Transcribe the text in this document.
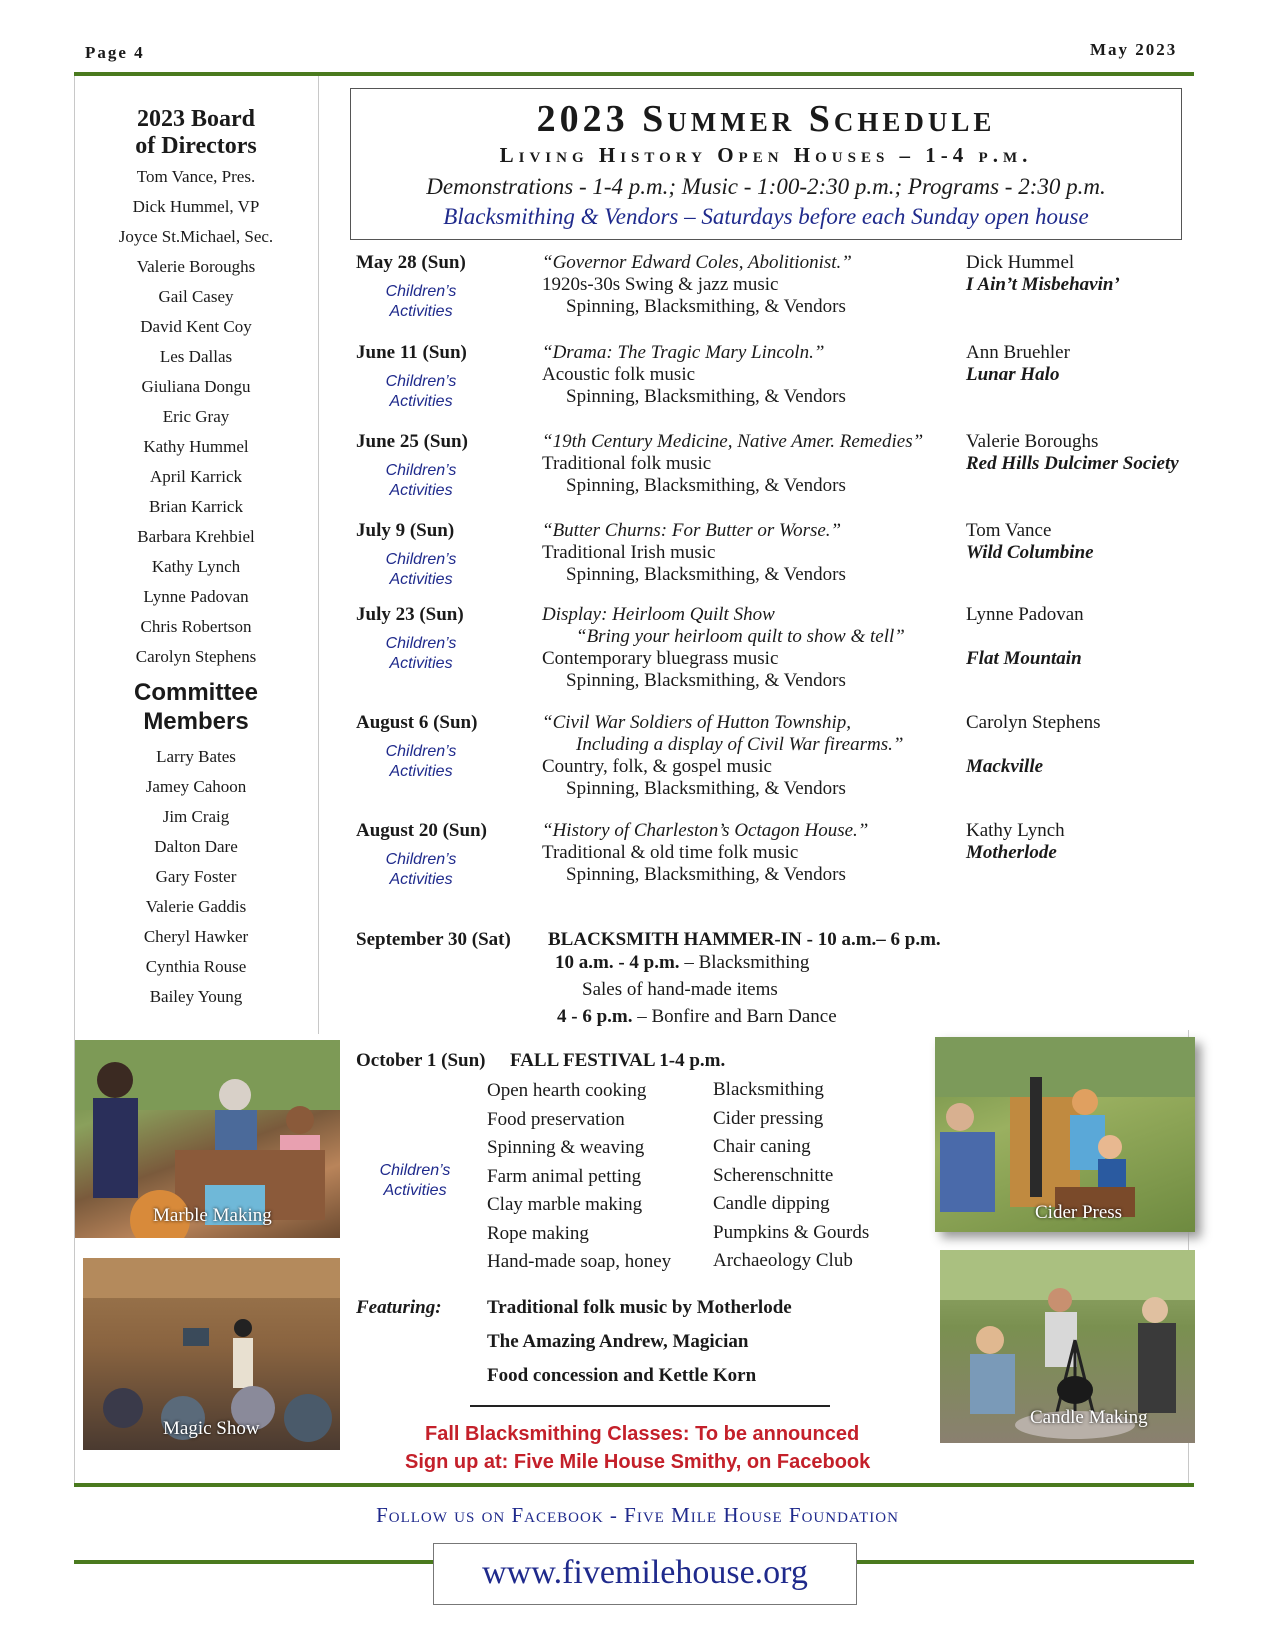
Page 4	May 2023
2023 Board
of Directors
Tom Vance, Pres.
Dick Hummel, VP
Joyce St.Michael, Sec.
Valerie Boroughs
Gail Casey
David Kent Coy
Les Dallas
Giuliana Dongu
Eric Gray
Kathy Hummel
April Karrick
Brian Karrick
Barbara Krehbiel
Kathy Lynch
Lynne Padovan
Chris Robertson
Carolyn Stephens
Committee
Members
Larry Bates
Jamey Cahoon
Jim Craig
Dalton Dare
Gary Foster
Valerie Gaddis
Cheryl Hawker
Cynthia Rouse
Bailey Young
2023 Summer Schedule
Living History Open Houses – 1-4 p.m.
Demonstrations - 1-4 p.m.; Music - 1:00-2:30 p.m.; Programs - 2:30 p.m.
Blacksmithing & Vendors – Saturdays before each Sunday open house
May 28 (Sun)
Children’s Activities
“Governor Edward Coles, Abolitionist.”
1920s-30s Swing & jazz music
Spinning, Blacksmithing, & Vendors
Dick Hummel
I Ain’t Misbehavin’
June 11 (Sun)
Children’s Activities
“Drama: The Tragic Mary Lincoln.”
Acoustic folk music
Spinning, Blacksmithing, & Vendors
Ann Bruehler
Lunar Halo
June 25 (Sun)
Children’s Activities
“19th Century Medicine, Native Amer. Remedies”
Traditional folk music
Spinning, Blacksmithing, & Vendors
Valerie Boroughs
Red Hills Dulcimer Society
July 9 (Sun)
Children’s Activities
“Butter Churns: For Butter or Worse.”
Traditional Irish music
Spinning, Blacksmithing, & Vendors
Tom Vance
Wild Columbine
July 23 (Sun)
Children’s Activities
Display: Heirloom Quilt Show
“Bring your heirloom quilt to show & tell”
Contemporary bluegrass music
Spinning, Blacksmithing, & Vendors
Lynne Padovan
Flat Mountain
August 6 (Sun)
Children’s Activities
“Civil War Soldiers of Hutton Township,
Including a display of Civil War firearms.”
Country, folk, & gospel music
Spinning, Blacksmithing, & Vendors
Carolyn Stephens
Mackville
August 20 (Sun)
Children’s Activities
“History of Charleston’s Octagon House.”
Traditional & old time folk music
Spinning, Blacksmithing, & Vendors
Kathy Lynch
Motherlode
September 30 (Sat) BLACKSMITH HAMMER-IN - 10 a.m.– 6 p.m.
10 a.m. - 4 p.m. – Blacksmithing
Sales of hand-made items
4 - 6 p.m. – Bonfire and Barn Dance
October 1 (Sun) FALL FESTIVAL 1-4 p.m.
Children’s Activities
Open hearth cooking
Food preservation
Spinning & weaving
Farm animal petting
Clay marble making
Rope making
Hand-made soap, honey
Blacksmithing
Cider pressing
Chair caning
Scherenschnitte
Candle dipping
Pumpkins & Gourds
Archaeology Club
Featuring: Traditional folk music by Motherlode
The Amazing Andrew, Magician
Food concession and Kettle Korn
Fall Blacksmithing Classes: To be announced
Sign up at: Five Mile House Smithy, on Facebook
Marble Making
Magic Show
Cider Press
Candle Making
Follow us on Facebook - Five Mile House Foundation
www.fivemilehouse.org
